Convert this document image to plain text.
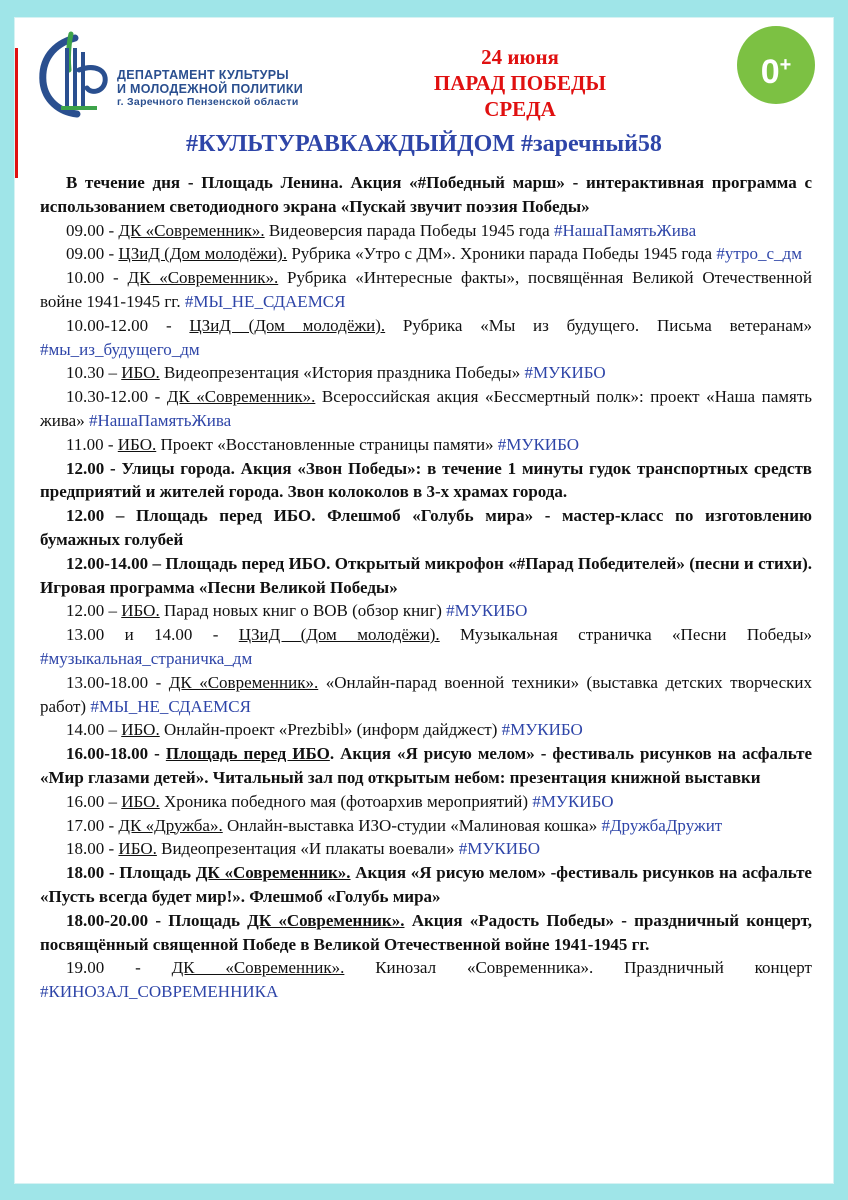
ДЕПАРТАМЕНТ КУЛЬТУРЫ
И МОЛОДЕЖНОЙ ПОЛИТИКИ
г. Заречного Пензенской области
24 июня
ПАРАД ПОБЕДЫ
СРЕДА
0+
#КУЛЬТУРАВКАЖДЫЙДОМ #заречный58

В течение дня - Площадь Ленина. Акция «#Победный марш» - интерактивная программа с использованием светодиодного экрана «Пускай звучит поэзия Победы»

09.00 - ДК «Современник». Видеоверсия парада Победы 1945 года #НашаПамятьЖива

09.00 - ЦЗиД (Дом молодёжи). Рубрика «Утро с ДМ». Хроники парада Победы 1945 года #утро_с_дм

10.00 - ДК «Современник». Рубрика «Интересные факты», посвящённая Великой Отечественной войне 1941-1945 гг. #МЫ_НЕ_СДАЕМСЯ

10.00-12.00 - ЦЗиД (Дом молодёжи). Рубрика «Мы из будущего. Письма ветеранам» #мы_из_будущего_дм

10.30 – ИБО. Видеопрезентация «История праздника Победы» #МУКИБО

10.30-12.00 - ДК «Современник». Всероссийская акция «Бессмертный полк»: проект «Наша память жива» #НашаПамятьЖива

11.00 - ИБО. Проект «Восстановленные страницы памяти» #МУКИБО

12.00 - Улицы города. Акция «Звон Победы»: в течение 1 минуты гудок транспортных средств предприятий и жителей города. Звон колоколов в 3-х храмах города.

12.00 – Площадь перед ИБО. Флешмоб «Голубь мира» - мастер-класс по изготовлению бумажных голубей

12.00-14.00 – Площадь перед ИБО. Открытый микрофон «#Парад Победителей» (песни и стихи). Игровая программа «Песни Великой Победы»

12.00 – ИБО. Парад новых книг о ВОВ (обзор книг) #МУКИБО

13.00 и 14.00 - ЦЗиД (Дом молодёжи). Музыкальная страничка «Песни Победы» #музыкальная_страничка_дм

13.00-18.00 - ДК «Современник». «Онлайн-парад военной техники» (выставка детских творческих работ) #МЫ_НЕ_СДАЕМСЯ

14.00 – ИБО. Онлайн-проект «Prezbibl» (информ дайджест) #МУКИБО

16.00-18.00 - Площадь перед ИБО. Акция «Я рисую мелом» - фестиваль рисунков на асфальте «Мир глазами детей». Читальный зал под открытым небом: презентация книжной выставки

16.00 – ИБО. Хроника победного мая (фотоархив мероприятий) #МУКИБО

17.00 - ДК «Дружба». Онлайн-выставка ИЗО-студии «Малиновая кошка» #ДружбаДружит

18.00 - ИБО. Видеопрезентация «И плакаты воевали» #МУКИБО

18.00 - Площадь ДК «Современник». Акция «Я рисую мелом» -фестиваль рисунков на асфальте «Пусть всегда будет мир!». Флешмоб «Голубь мира»

18.00-20.00 - Площадь ДК «Современник». Акция «Радость Победы» - праздничный концерт, посвящённый священной Победе в Великой Отечественной войне 1941-1945 гг.

19.00 - ДК «Современник». Кинозал «Современника». Праздничный концерт #КИНОЗАЛ_СОВРЕМЕННИКА
